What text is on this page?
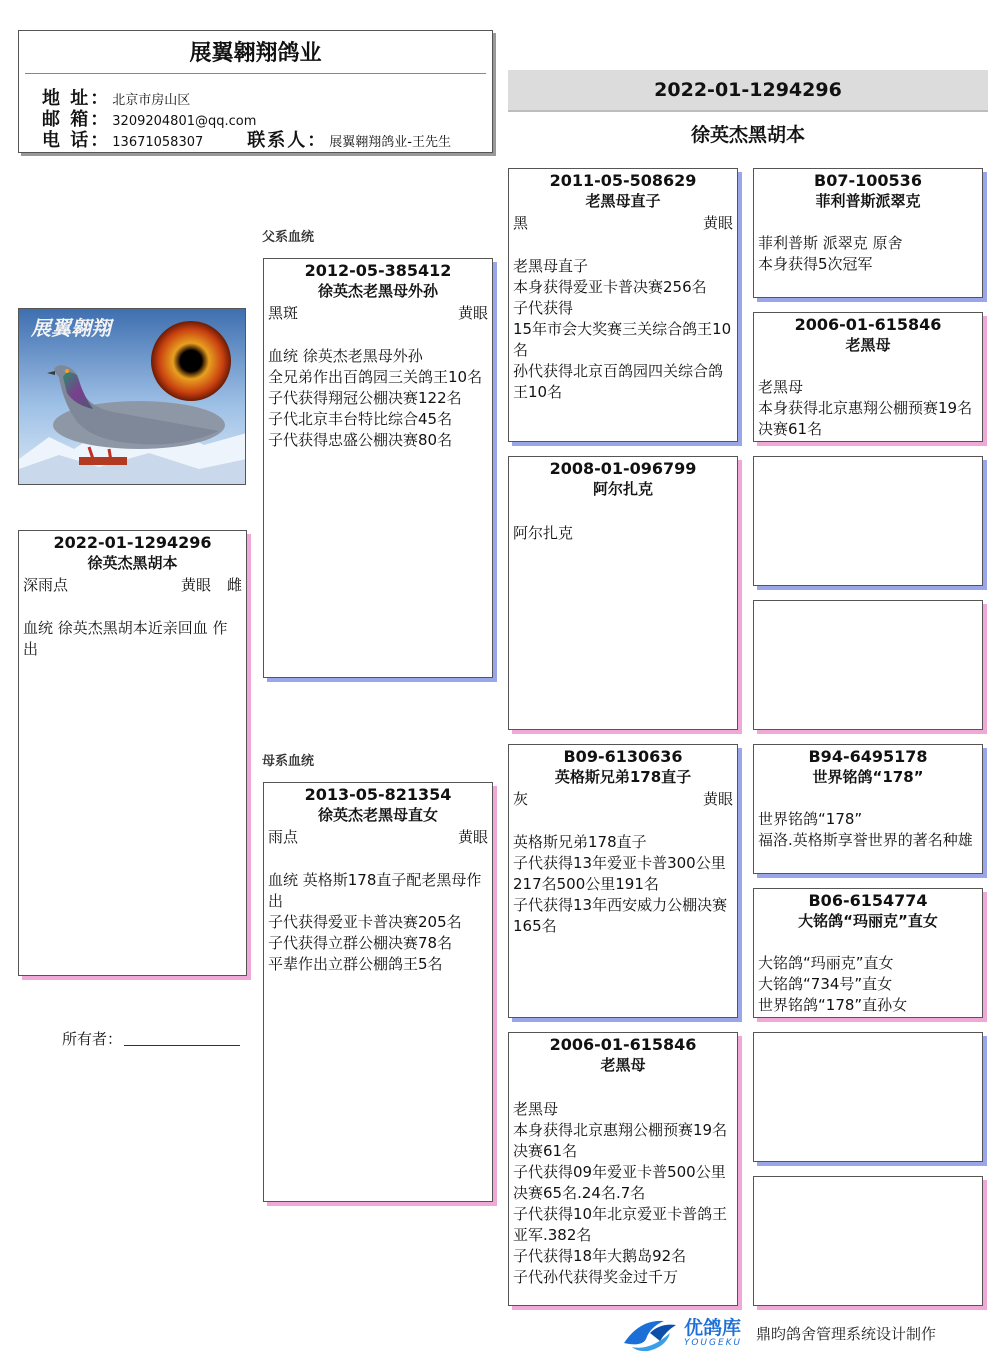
展翼翱翔鸽业
地 址： 北京市房山区
邮 箱： 3209204801@qq.com
电 话： 13671058307 联系人： 展翼翱翔鸽业-王先生
2022-01-1294296
徐英杰黑胡本
父系血统
母系血统
展翼翱翔
2022-01-1294296
徐英杰黑胡本
深雨点	黄眼 雌
血统 徐英杰黑胡本近亲回血 作出
所有者：
2012-05-385412
徐英杰老黑母外孙
黑斑	黄眼
血统 徐英杰老黑母外孙
全兄弟作出百鸽园三关鸽王10名
子代获得翔冠公棚决赛122名
子代北京丰台特比综合45名
子代获得忠盛公棚决赛80名
2013-05-821354
徐英杰老黑母直女
雨点	黄眼
血统 英格斯178直子配老黑母作出
子代获得爱亚卡普决赛205名
子代获得立群公棚决赛78名
平辈作出立群公棚鸽王5名
2011-05-508629
老黑母直子
黑	黄眼
老黑母直子
本身获得爱亚卡普决赛256名
子代获得
15年市会大奖赛三关综合鸽王10名
孙代获得北京百鸽园四关综合鸽王10名
2008-01-096799
阿尔扎克
阿尔扎克
B09-6130636
英格斯兄弟178直子
灰	黄眼
英格斯兄弟178直子
子代获得13年爱亚卡普300公里217名500公里191名
子代获得13年西安威力公棚决赛165名
2006-01-615846
老黑母
老黑母
本身获得北京惠翔公棚预赛19名 决赛61名
子代获得09年爱亚卡普500公里决赛65名.24名.7名
子代获得10年北京爱亚卡普鸽王亚军.382名
子代获得18年大鹅岛92名
子代孙代获得奖金过千万
B07-100536
菲利普斯派翠克
菲利普斯 派翠克 原舍
本身获得5次冠军
2006-01-615846
老黑母
老黑母
本身获得北京惠翔公棚预赛19名 决赛61名
B94-6495178
世界铭鸽“178”
世界铭鸽“178”
福洛.英格斯享誉世界的著名种雄
B06-6154774
大铭鸽“玛丽克”直女
大铭鸽“玛丽克”直女
大铭鸽“734号”直女
世界铭鸽“178”直孙女
优鸽库
YOUGEKU
鼎昀鸽舍管理系统设计制作
